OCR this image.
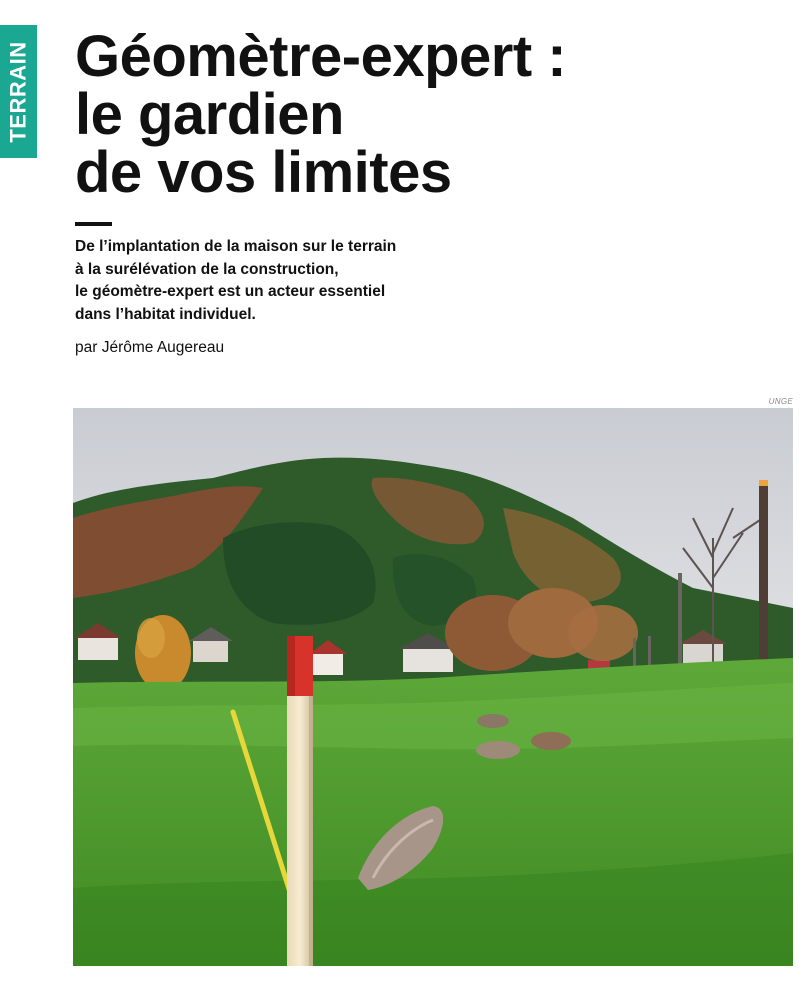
TERRAIN Géomètre-expert :
le gardien
de vos limites

De l’implantation de la maison sur le terrain
à la surélévation de la construction,
le géomètre-expert est un acteur essentiel
dans l’habitat individuel.

par Jérôme Augereau
UNGE
